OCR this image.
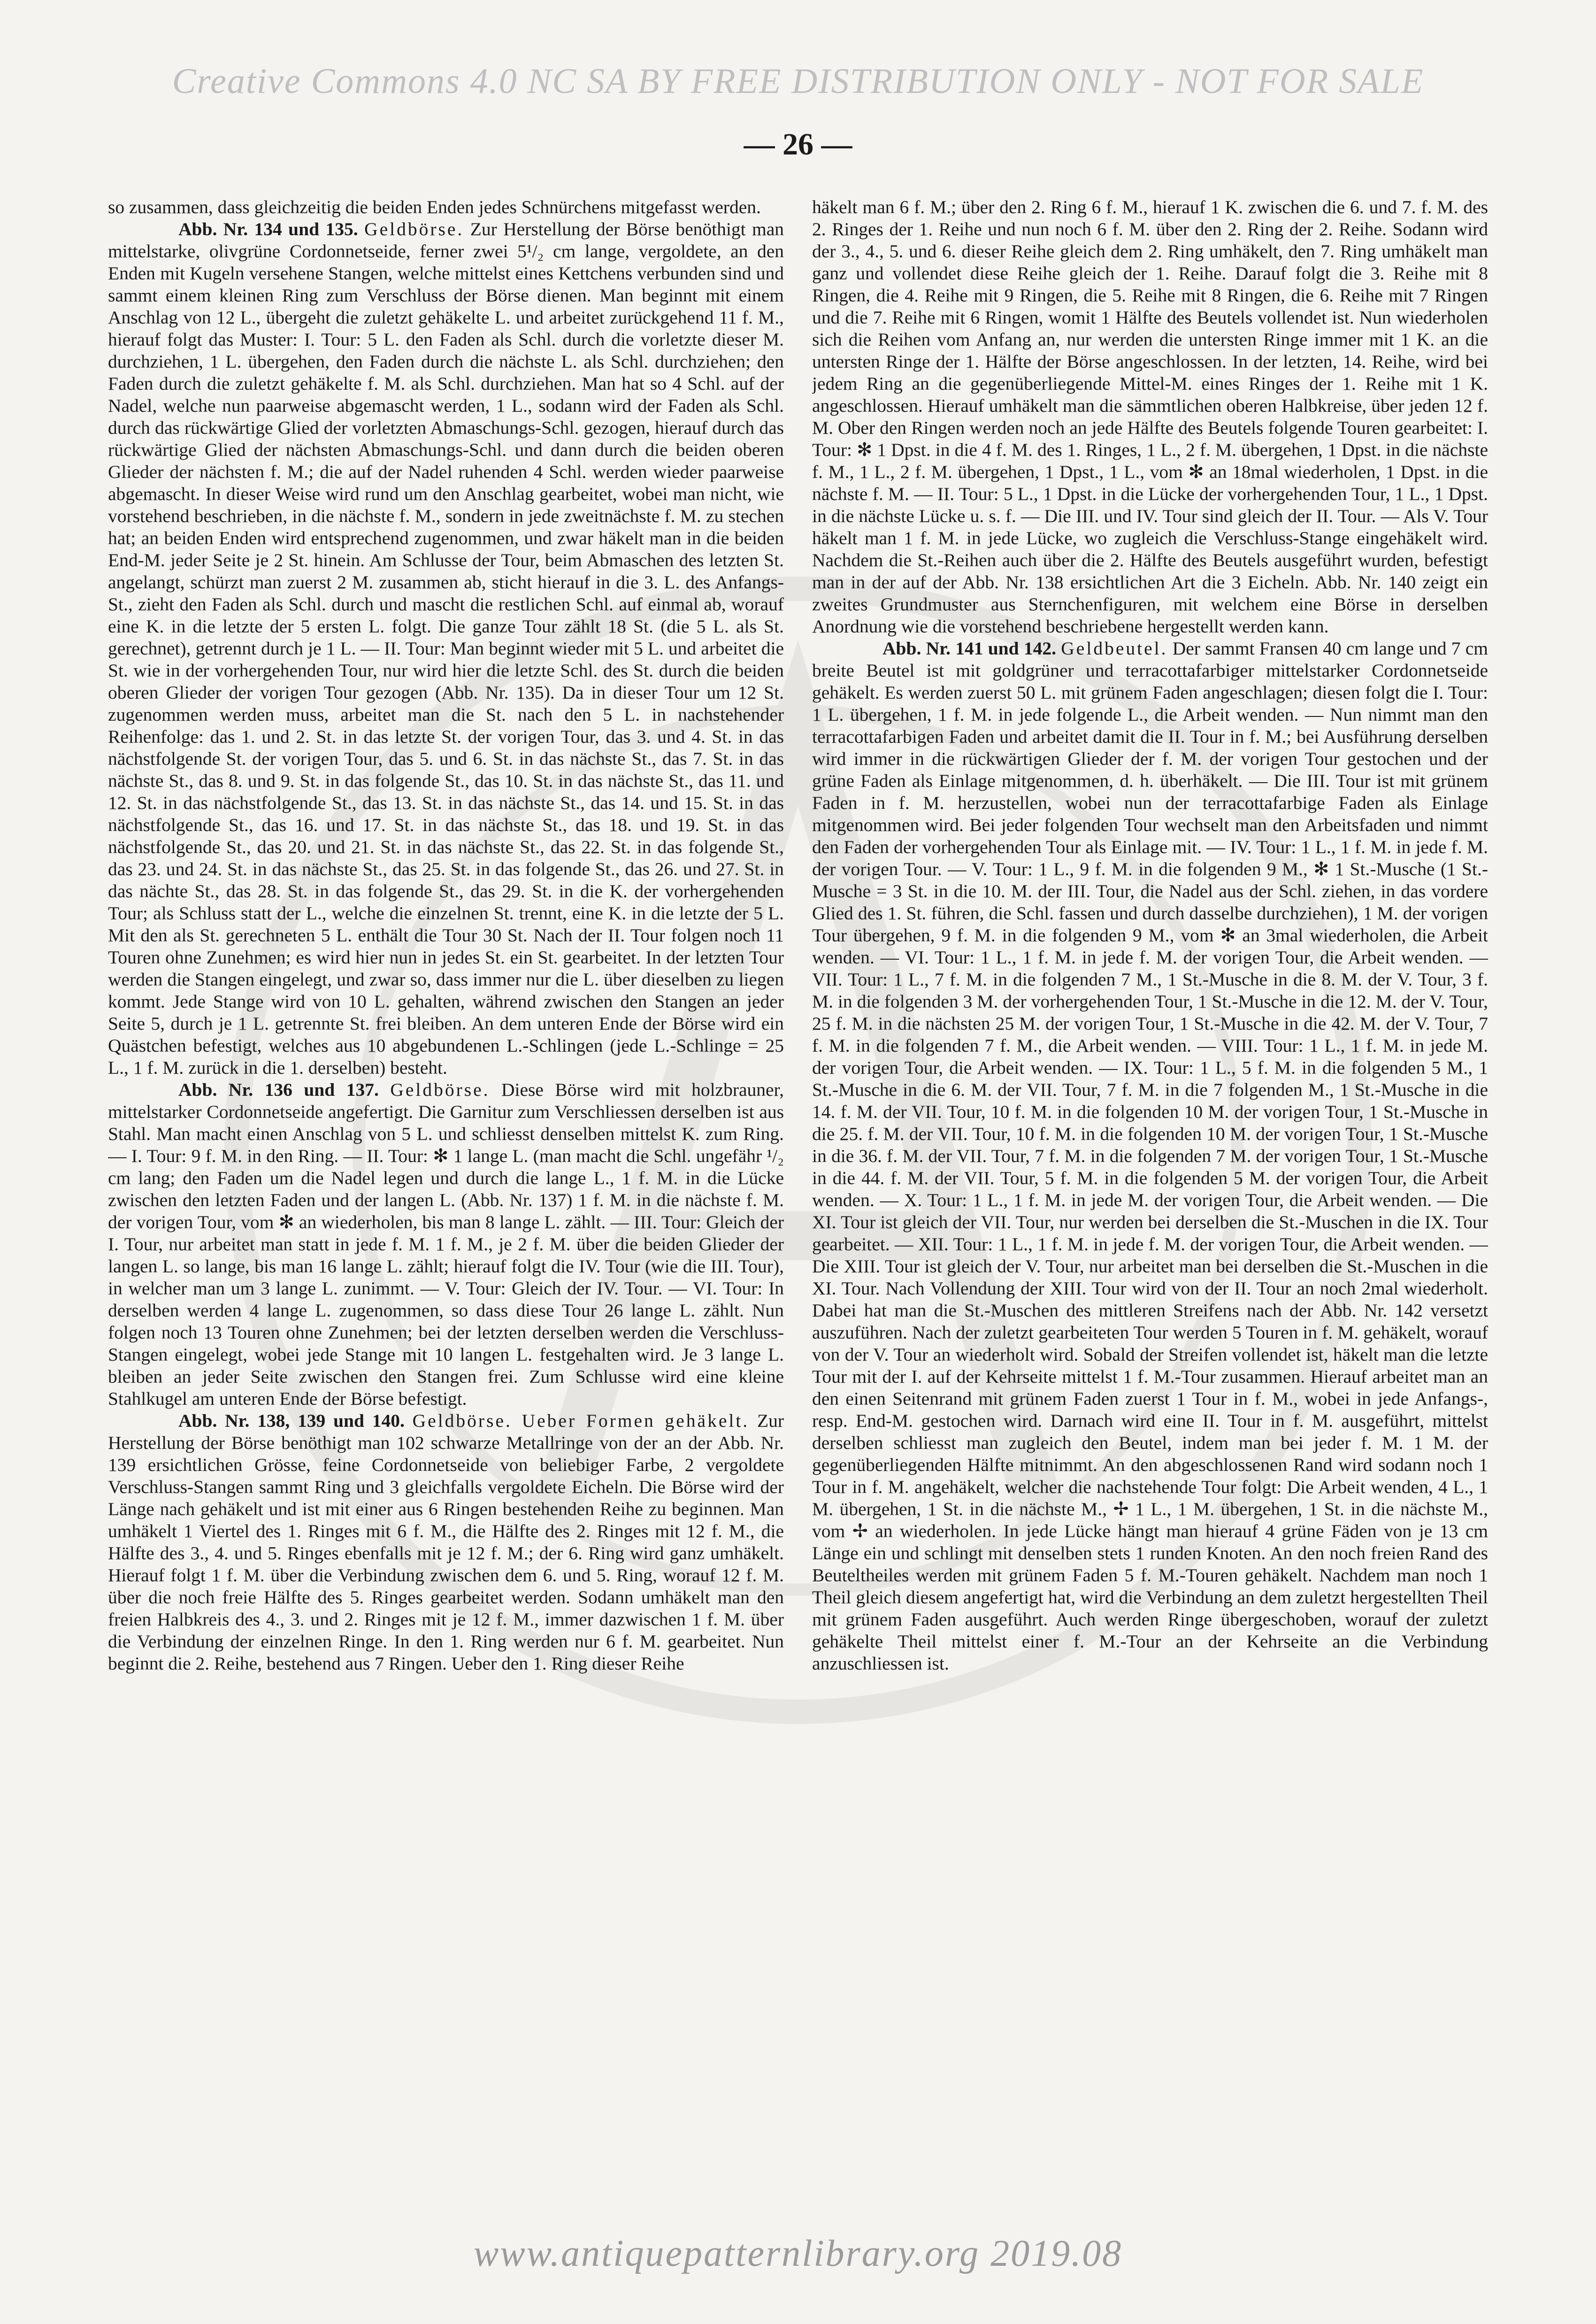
Creative Commons 4.0 NC SA BY FREE DISTRIBUTION ONLY - NOT FOR SALE
— 26 —

so zusammen, dass gleichzeitig die beiden Enden jedes Schnürchens mitgefasst werden.

Abb. Nr. 134 und 135. Geldbörse. Zur Herstellung der Börse benöthigt man mittelstarke, olivgrüne Cordonnetseide, ferner zwei 5¹/₂ cm lange, vergoldete, an den Enden mit Kugeln versehene Stangen, welche mittelst eines Kettchens verbunden sind und sammt einem kleinen Ring zum Verschluss der Börse dienen. Man beginnt mit einem Anschlag von 12 L., übergeht die zuletzt gehäkelte L. und arbeitet zurückgehend 11 f. M., hierauf folgt das Muster: I. Tour: 5 L. den Faden als Schl. durch die vorletzte dieser M. durchziehen, 1 L. übergehen, den Faden durch die nächste L. als Schl. durchziehen; den Faden durch die zuletzt gehäkelte f. M. als Schl. durchziehen. Man hat so 4 Schl. auf der Nadel, welche nun paarweise abgemascht werden, 1 L., sodann wird der Faden als Schl. durch das rückwärtige Glied der vorletzten Abmaschungs-Schl. gezogen, hierauf durch das rückwärtige Glied der nächsten Abmaschungs-Schl. und dann durch die beiden oberen Glieder der nächsten f. M.; die auf der Nadel ruhenden 4 Schl. werden wieder paarweise abgemascht. In dieser Weise wird rund um den Anschlag gearbeitet, wobei man nicht, wie vorstehend beschrieben, in die nächste f. M., sondern in jede zweitnächste f. M. zu stechen hat; an beiden Enden wird entsprechend zugenommen, und zwar häkelt man in die beiden End-M. jeder Seite je 2 St. hinein. Am Schlusse der Tour, beim Abmaschen des letzten St. angelangt, schürzt man zuerst 2 M. zusammen ab, sticht hierauf in die 3. L. des Anfangs-St., zieht den Faden als Schl. durch und mascht die restlichen Schl. auf einmal ab, worauf eine K. in die letzte der 5 ersten L. folgt. Die ganze Tour zählt 18 St. (die 5 L. als St. gerechnet), getrennt durch je 1 L. — II. Tour: Man beginnt wieder mit 5 L. und arbeitet die St. wie in der vorhergehenden Tour, nur wird hier die letzte Schl. des St. durch die beiden oberen Glieder der vorigen Tour gezogen (Abb. Nr. 135). Da in dieser Tour um 12 St. zugenommen werden muss, arbeitet man die St. nach den 5 L. in nachstehender Reihenfolge: das 1. und 2. St. in das letzte St. der vorigen Tour, das 3. und 4. St. in das nächstfolgende St. der vorigen Tour, das 5. und 6. St. in das nächste St., das 7. St. in das nächste St., das 8. und 9. St. in das folgende St., das 10. St. in das nächste St., das 11. und 12. St. in das nächstfolgende St., das 13. St. in das nächste St., das 14. und 15. St. in das nächstfolgende St., das 16. und 17. St. in das nächste St., das 18. und 19. St. in das nächstfolgende St., das 20. und 21. St. in das nächste St., das 22. St. in das folgende St., das 23. und 24. St. in das nächste St., das 25. St. in das folgende St., das 26. und 27. St. in das nächte St., das 28. St. in das folgende St., das 29. St. in die K. der vorhergehenden Tour; als Schluss statt der L., welche die einzelnen St. trennt, eine K. in die letzte der 5 L. Mit den als St. gerechneten 5 L. enthält die Tour 30 St. Nach der II. Tour folgen noch 11 Touren ohne Zunehmen; es wird hier nun in jedes St. ein St. gearbeitet. In der letzten Tour werden die Stangen eingelegt, und zwar so, dass immer nur die L. über dieselben zu liegen kommt. Jede Stange wird von 10 L. gehalten, während zwischen den Stangen an jeder Seite 5, durch je 1 L. getrennte St. frei bleiben. An dem unteren Ende der Börse wird ein Quästchen befestigt, welches aus 10 abgebundenen L.-Schlingen (jede L.-Schlinge = 25 L., 1 f. M. zurück in die 1. derselben) besteht.

Abb. Nr. 136 und 137. Geldbörse. Diese Börse wird mit holzbrauner, mittelstarker Cordonnetseide angefertigt. Die Garnitur zum Verschliessen derselben ist aus Stahl. Man macht einen Anschlag von 5 L. und schliesst denselben mittelst K. zum Ring. — I. Tour: 9 f. M. in den Ring. — II. Tour: ✻ 1 lange L. (man macht die Schl. ungefähr ¹/₂ cm lang; den Faden um die Nadel legen und durch die lange L., 1 f. M. in die Lücke zwischen den letzten Faden und der langen L. (Abb. Nr. 137) 1 f. M. in die nächste f. M. der vorigen Tour, vom ✻ an wiederholen, bis man 8 lange L. zählt. — III. Tour: Gleich der I. Tour, nur arbeitet man statt in jede f. M. 1 f. M., je 2 f. M. über die beiden Glieder der langen L. so lange, bis man 16 lange L. zählt; hierauf folgt die IV. Tour (wie die III. Tour), in welcher man um 3 lange L. zunimmt. — V. Tour: Gleich der IV. Tour. — VI. Tour: In derselben werden 4 lange L. zugenommen, so dass diese Tour 26 lange L. zählt. Nun folgen noch 13 Touren ohne Zunehmen; bei der letzten derselben werden die Verschluss-Stangen eingelegt, wobei jede Stange mit 10 langen L. festgehalten wird. Je 3 lange L. bleiben an jeder Seite zwischen den Stangen frei. Zum Schlusse wird eine kleine Stahlkugel am unteren Ende der Börse befestigt.

Abb. Nr. 138, 139 und 140. Geldbörse. Ueber Formen gehäkelt. Zur Herstellung der Börse benöthigt man 102 schwarze Metallringe von der an der Abb. Nr. 139 ersichtlichen Grösse, feine Cordonnetseide von beliebiger Farbe, 2 vergoldete Verschluss-Stangen sammt Ring und 3 gleichfalls vergoldete Eicheln. Die Börse wird der Länge nach gehäkelt und ist mit einer aus 6 Ringen bestehenden Reihe zu beginnen. Man umhäkelt 1 Viertel des 1. Ringes mit 6 f. M., die Hälfte des 2. Ringes mit 12 f. M., die Hälfte des 3., 4. und 5. Ringes ebenfalls mit je 12 f. M.; der 6. Ring wird ganz umhäkelt. Hierauf folgt 1 f. M. über die Verbindung zwischen dem 6. und 5. Ring, worauf 12 f. M. über die noch freie Hälfte des 5. Ringes gearbeitet werden. Sodann umhäkelt man den freien Halbkreis des 4., 3. und 2. Ringes mit je 12 f. M., immer dazwischen 1 f. M. über die Verbindung der einzelnen Ringe. In den 1. Ring werden nur 6 f. M. gearbeitet. Nun beginnt die 2. Reihe, bestehend aus 7 Ringen. Ueber den 1. Ring dieser Reihe

häkelt man 6 f. M.; über den 2. Ring 6 f. M., hierauf 1 K. zwischen die 6. und 7. f. M. des 2. Ringes der 1. Reihe und nun noch 6 f. M. über den 2. Ring der 2. Reihe. Sodann wird der 3., 4., 5. und 6. dieser Reihe gleich dem 2. Ring umhäkelt, den 7. Ring umhäkelt man ganz und vollendet diese Reihe gleich der 1. Reihe. Darauf folgt die 3. Reihe mit 8 Ringen, die 4. Reihe mit 9 Ringen, die 5. Reihe mit 8 Ringen, die 6. Reihe mit 7 Ringen und die 7. Reihe mit 6 Ringen, womit 1 Hälfte des Beutels vollendet ist. Nun wiederholen sich die Reihen vom Anfang an, nur werden die untersten Ringe immer mit 1 K. an die untersten Ringe der 1. Hälfte der Börse angeschlossen. In der letzten, 14. Reihe, wird bei jedem Ring an die gegenüberliegende Mittel-M. eines Ringes der 1. Reihe mit 1 K. angeschlossen. Hierauf umhäkelt man die sämmtlichen oberen Halbkreise, über jeden 12 f. M. Ober den Ringen werden noch an jede Hälfte des Beutels folgende Touren gearbeitet: I. Tour: ✻ 1 Dpst. in die 4 f. M. des 1. Ringes, 1 L., 2 f. M. übergehen, 1 Dpst. in die nächste f. M., 1 L., 2 f. M. übergehen, 1 Dpst., 1 L., vom ✻ an 18mal wiederholen, 1 Dpst. in die nächste f. M. — II. Tour: 5 L., 1 Dpst. in die Lücke der vorhergehenden Tour, 1 L., 1 Dpst. in die nächste Lücke u. s. f. — Die III. und IV. Tour sind gleich der II. Tour. — Als V. Tour häkelt man 1 f. M. in jede Lücke, wo zugleich die Verschluss-Stange eingehäkelt wird. Nachdem die St.-Reihen auch über die 2. Hälfte des Beutels ausgeführt wurden, befestigt man in der auf der Abb. Nr. 138 ersichtlichen Art die 3 Eicheln. Abb. Nr. 140 zeigt ein zweites Grundmuster aus Sternchenfiguren, mit welchem eine Börse in derselben Anordnung wie die vorstehend beschriebene hergestellt werden kann.

Abb. Nr. 141 und 142. Geldbeutel. Der sammt Fransen 40 cm lange und 7 cm breite Beutel ist mit goldgrüner und terracottafarbiger mittelstarker Cordonnetseide gehäkelt. Es werden zuerst 50 L. mit grünem Faden angeschlagen; diesen folgt die I. Tour: 1 L. übergehen, 1 f. M. in jede folgende L., die Arbeit wenden. — Nun nimmt man den terracottafarbigen Faden und arbeitet damit die II. Tour in f. M.; bei Ausführung derselben wird immer in die rückwärtigen Glieder der f. M. der vorigen Tour gestochen und der grüne Faden als Einlage mitgenommen, d. h. überhäkelt. — Die III. Tour ist mit grünem Faden in f. M. herzustellen, wobei nun der terracottafarbige Faden als Einlage mitgenommen wird. Bei jeder folgenden Tour wechselt man den Arbeitsfaden und nimmt den Faden der vorhergehenden Tour als Einlage mit. — IV. Tour: 1 L., 1 f. M. in jede f. M. der vorigen Tour. — V. Tour: 1 L., 9 f. M. in die folgenden 9 M., ✻ 1 St.-Musche (1 St.-Musche = 3 St. in die 10. M. der III. Tour, die Nadel aus der Schl. ziehen, in das vordere Glied des 1. St. führen, die Schl. fassen und durch dasselbe durchziehen), 1 M. der vorigen Tour übergehen, 9 f. M. in die folgenden 9 M., vom ✻ an 3mal wiederholen, die Arbeit wenden. — VI. Tour: 1 L., 1 f. M. in jede f. M. der vorigen Tour, die Arbeit wenden. — VII. Tour: 1 L., 7 f. M. in die folgenden 7 M., 1 St.-Musche in die 8. M. der V. Tour, 3 f. M. in die folgenden 3 M. der vorhergehenden Tour, 1 St.-Musche in die 12. M. der V. Tour, 25 f. M. in die nächsten 25 M. der vorigen Tour, 1 St.-Musche in die 42. M. der V. Tour, 7 f. M. in die folgenden 7 f. M., die Arbeit wenden. — VIII. Tour: 1 L., 1 f. M. in jede M. der vorigen Tour, die Arbeit wenden. — IX. Tour: 1 L., 5 f. M. in die folgenden 5 M., 1 St.-Musche in die 6. M. der VII. Tour, 7 f. M. in die 7 folgenden M., 1 St.-Musche in die 14. f. M. der VII. Tour, 10 f. M. in die folgenden 10 M. der vorigen Tour, 1 St.-Musche in die 25. f. M. der VII. Tour, 10 f. M. in die folgenden 10 M. der vorigen Tour, 1 St.-Musche in die 36. f. M. der VII. Tour, 7 f. M. in die folgenden 7 M. der vorigen Tour, 1 St.-Musche in die 44. f. M. der VII. Tour, 5 f. M. in die folgenden 5 M. der vorigen Tour, die Arbeit wenden. — X. Tour: 1 L., 1 f. M. in jede M. der vorigen Tour, die Arbeit wenden. — Die XI. Tour ist gleich der VII. Tour, nur werden bei derselben die St.-Muschen in die IX. Tour gearbeitet. — XII. Tour: 1 L., 1 f. M. in jede f. M. der vorigen Tour, die Arbeit wenden. — Die XIII. Tour ist gleich der V. Tour, nur arbeitet man bei derselben die St.-Muschen in die XI. Tour. Nach Vollendung der XIII. Tour wird von der II. Tour an noch 2mal wiederholt. Dabei hat man die St.-Muschen des mittleren Streifens nach der Abb. Nr. 142 versetzt auszuführen. Nach der zuletzt gearbeiteten Tour werden 5 Touren in f. M. gehäkelt, worauf von der V. Tour an wiederholt wird. Sobald der Streifen vollendet ist, häkelt man die letzte Tour mit der I. auf der Kehrseite mittelst 1 f. M.-Tour zusammen. Hierauf arbeitet man an den einen Seitenrand mit grünem Faden zuerst 1 Tour in f. M., wobei in jede Anfangs-, resp. End-M. gestochen wird. Darnach wird eine II. Tour in f. M. ausgeführt, mittelst derselben schliesst man zugleich den Beutel, indem man bei jeder f. M. 1 M. der gegenüberliegenden Hälfte mitnimmt. An den abgeschlossenen Rand wird sodann noch 1 Tour in f. M. angehäkelt, welcher die nachstehende Tour folgt: Die Arbeit wenden, 4 L., 1 M. übergehen, 1 St. in die nächste M., ✢ 1 L., 1 M. übergehen, 1 St. in die nächste M., vom ✢ an wiederholen. In jede Lücke hängt man hierauf 4 grüne Fäden von je 13 cm Länge ein und schlingt mit denselben stets 1 runden Knoten. An den noch freien Rand des Beuteltheiles werden mit grünem Faden 5 f. M.-Touren gehäkelt. Nachdem man noch 1 Theil gleich diesem angefertigt hat, wird die Verbindung an dem zuletzt hergestellten Theil mit grünem Faden ausgeführt. Auch werden Ringe übergeschoben, worauf der zuletzt gehäkelte Theil mittelst einer f. M.-Tour an der Kehrseite an die Verbindung anzuschliessen ist.

www.antiquepatternlibrary.org 2019.08
